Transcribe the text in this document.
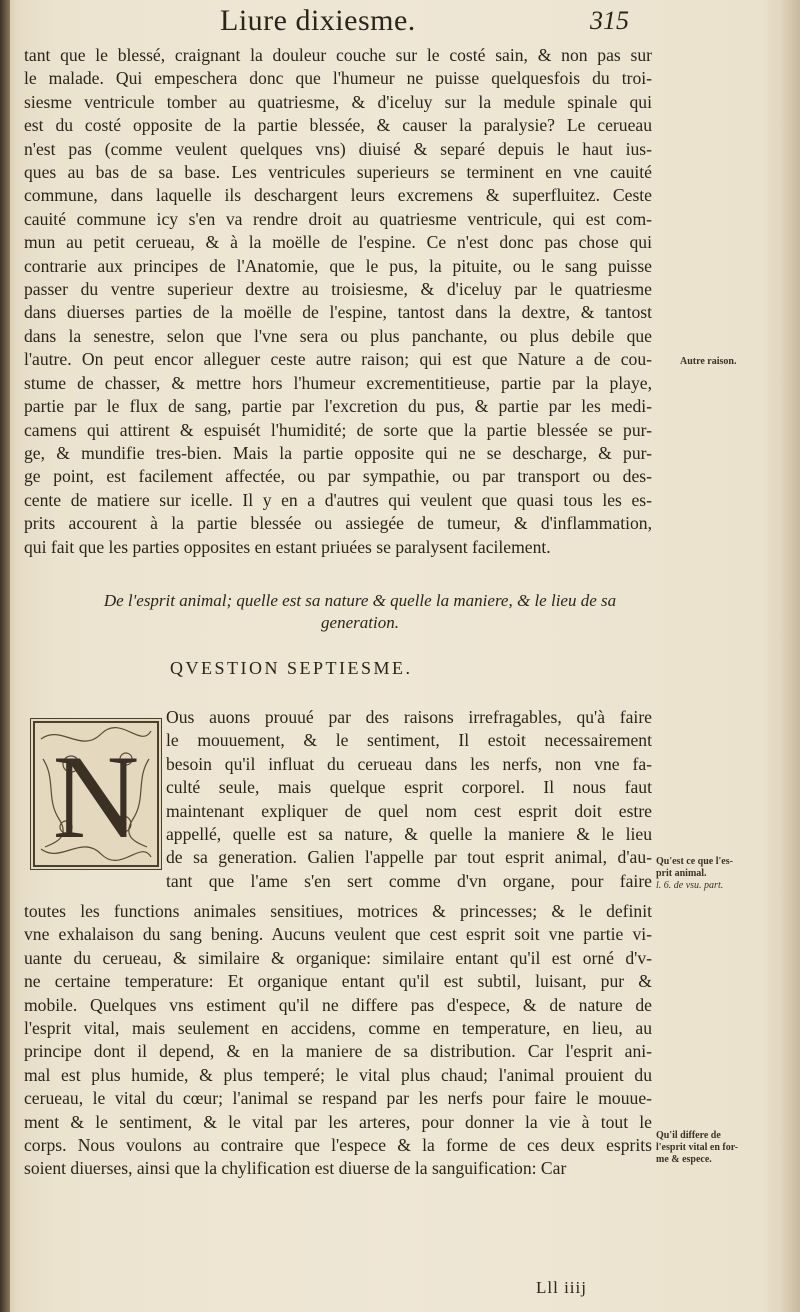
Liure dixiesme.	315
tant que le blessé, craignant la douleur couche sur le costé sain, & non pas sur
le malade. Qui empeschera donc que l'humeur ne puisse quelquesfois du troi-
siesme ventricule tomber au quatriesme, & d'iceluy sur la medule spinale qui
est du costé opposite de la partie blessée, & causer la paralysie? Le cerueau
n'est pas (comme veulent quelques vns) diuisé & separé depuis le haut ius-
ques au bas de sa base. Les ventricules superieurs se terminent en vne cauité
commune, dans laquelle ils deschargent leurs excremens & superfluitez. Ceste
cauité commune icy s'en va rendre droit au quatriesme ventricule, qui est com-
mun au petit cerueau, & à la moëlle de l'espine. Ce n'est donc pas chose qui
contrarie aux principes de l'Anatomie, que le pus, la pituite, ou le sang puisse
passer du ventre superieur dextre au troisiesme, & d'iceluy par le quatriesme
dans diuerses parties de la moëlle de l'espine, tantost dans la dextre, & tantost
dans la senestre, selon que l'vne sera ou plus panchante, ou plus debile que
l'autre. On peut encor alleguer ceste autre raison; qui est que Nature a de cou-
stume de chasser, & mettre hors l'humeur excrementitieuse, partie par la playe,
partie par le flux de sang, partie par l'excretion du pus, & partie par les medi-
camens qui attirent & espuisét l'humidité; de sorte que la partie blessée se pur-
ge, & mundifie tres-bien. Mais la partie opposite qui ne se descharge, & pur-
ge point, est facilement affectée, ou par sympathie, ou par transport ou des-
cente de matiere sur icelle. Il y en a d'autres qui veulent que quasi tous les es-
prits accourent à la partie blessée ou assiegée de tumeur, & d'inflammation,
qui fait que les parties opposites en estant priuées se paralysent facilement.
De l'esprit animal; quelle est sa nature & quelle la maniere, & le lieu de sa
generation.
QVESTION SEPTIESME.
N
Ous auons prouué par des raisons irrefragables, qu'à faire
le mouuement, & le sentiment, Il estoit necessairement
besoin qu'il influat du cerueau dans les nerfs, non vne fa-
culté seule, mais quelque esprit corporel. Il nous faut
maintenant expliquer de quel nom cest esprit doit estre
appellé, quelle est sa nature, & quelle la maniere & le lieu
de sa generation. Galien l'appelle par tout esprit animal, d'au-
tant que l'ame s'en sert comme d'vn organe, pour faire
toutes les functions animales sensitiues, motrices & princesses; & le definit
vne exhalaison du sang bening. Aucuns veulent que cest esprit soit vne partie vi-
uante du cerueau, & similaire & organique: similaire entant qu'il est orné d'v-
ne certaine temperature: Et organique entant qu'il est subtil, luisant, pur &
mobile. Quelques vns estiment qu'il ne differe pas d'espece, & de nature de
l'esprit vital, mais seulement en accidens, comme en temperature, en lieu, au
principe dont il depend, & en la maniere de sa distribution. Car l'esprit ani-
mal est plus humide, & plus temperé; le vital plus chaud; l'animal prouient du
cerueau, le vital du cœur; l'animal se respand par les nerfs pour faire le mouue-
ment & le sentiment, & le vital par les arteres, pour donner la vie à tout le
corps. Nous voulons au contraire que l'espece & la forme de ces deux esprits
soient diuerses, ainsi que la chylification est diuerse de la sanguification: Car
Autre raison.
Qu'est ce que l'es-
prit animal.
l. 6. de vsu. part.
Qu'il differe de
l'esprit vital en for-
me & espece.
Lll iiij
